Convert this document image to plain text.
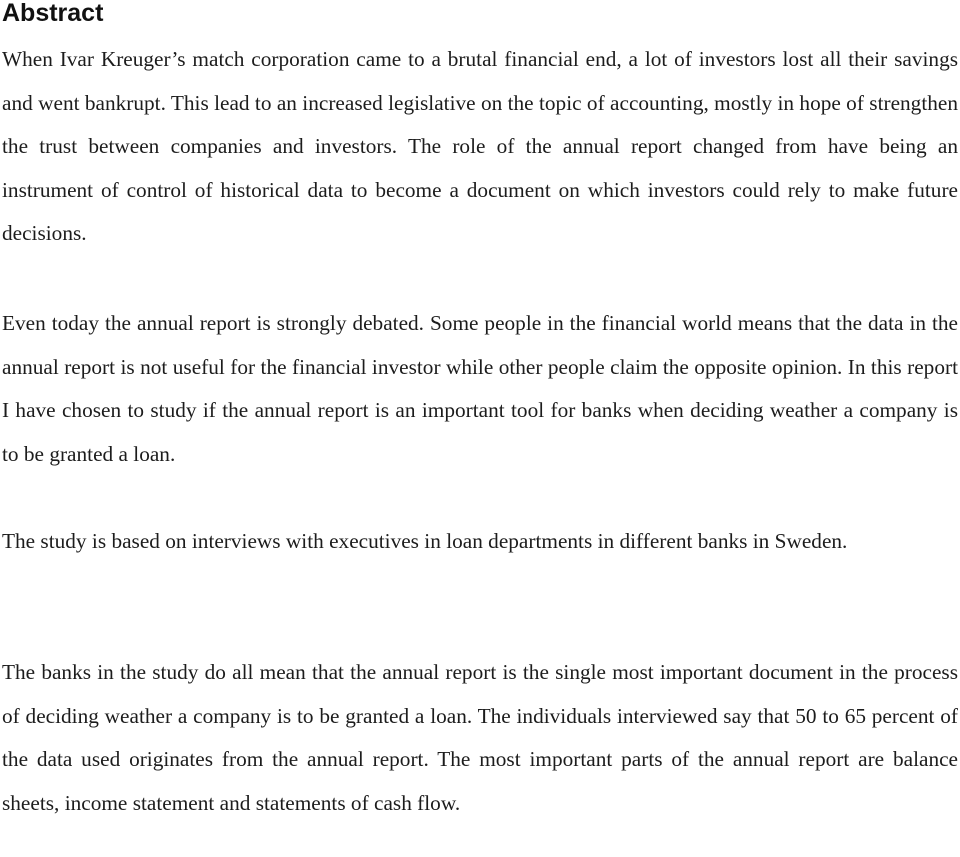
Abstract

When Ivar Kreuger’s match corporation came to a brutal financial end, a lot of investors lost all their savings and went bankrupt. This lead to an increased legislative on the topic of accounting, mostly in hope of strengthen the trust between companies and investors. The role of the annual report changed from have being an instrument of control of historical data to become a document on which investors could rely to make future decisions.

Even today the annual report is strongly debated. Some people in the financial world means that the data in the annual report is not useful for the financial investor while other people claim the opposite opinion. In this report I have chosen to study if the annual report is an important tool for banks when deciding weather a company is to be granted a loan.

The study is based on interviews with executives in loan departments in different banks in Sweden.

The banks in the study do all mean that the annual report is the single most important document in the process of deciding weather a company is to be granted a loan. The individuals interviewed say that 50 to 65 percent of the data used originates from the annual report. The most important parts of the annual report are balance sheets, income statement and statements of cash flow.
